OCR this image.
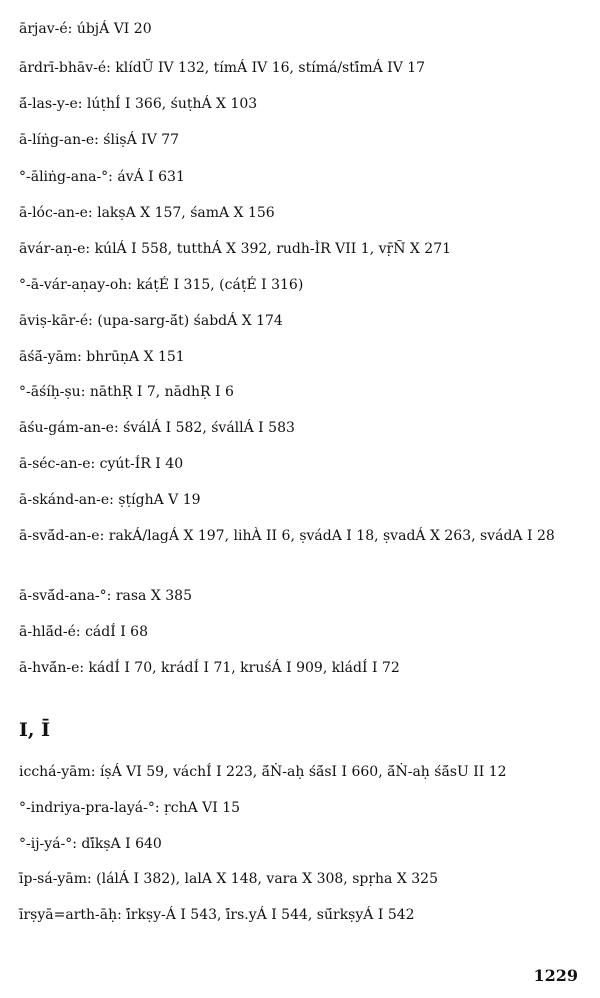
ārjav-é: úbjÁ VI 20
ārdrī-bhāv-é: klídŬ IV 132, tímÁ IV 16, stímá/stī́mÁ IV 17
ā́-las-y-e: lúṭhÍ I 366, śuṭhÁ X 103
ā-líṅg-an-e: śliṣÁ IV 77
°-āliṅg-ana-°: ávÁ I 631
ā-lóc-an-e: lakṣA X 157, śamA X 156
āvár-aṇ-e: kúlÁ I 558, tutthÁ X 392, rudh-ÌR VII 1, vṝÑ X 271
°-ā-vár-aṇay-oh: káṭÉ I 315, (cáṭÉ I 316)
āviṣ-kār-é: (upa-sarg-ā́t) śabdÁ X 174
āśā́-yām: bhrūṇA X 151
°-āśíḥ-ṣu: nāthṚ I 7, nādhṚ I 6
āśu-gám-an-e: śválÁ I 582, śvállÁ I 583
ā-séc-an-e: cyút-ÍR I 40
ā-skánd-an-e: ṣṭíghA V 19
ā-svā́d-an-e: rakÁ/lagÁ X 197, lihÀ II 6, ṣvádA I 18, ṣvadÁ X 263, svádA I 28
ā-svā́d-ana-°: rasa X 385
ā-hlā́d-é: cádÍ I 68
ā-hvā́n-e: kádÍ I 70, krádÍ I 71, kruśÁ I 909, kládÍ I 72
I, Ī
icchá-yām: íṣÁ VI 59, váchÍ I 223, ā́Ṅ-aḥ śā́sI I 660, ā́Ṅ-aḥ śā́sU II 12
°-indriya-pra-layá-°: ṛchA VI 15
°-ij-yá-°: dī́kṣA I 640
īp-sá-yām: (lálÁ I 382), lalA X 148, vara X 308, spṛha X 325
īrṣyā=arth-āḥ: ī́rkṣy-Á I 543, ī́rs.yÁ I 544, sū́rkṣyÁ I 542
1229
